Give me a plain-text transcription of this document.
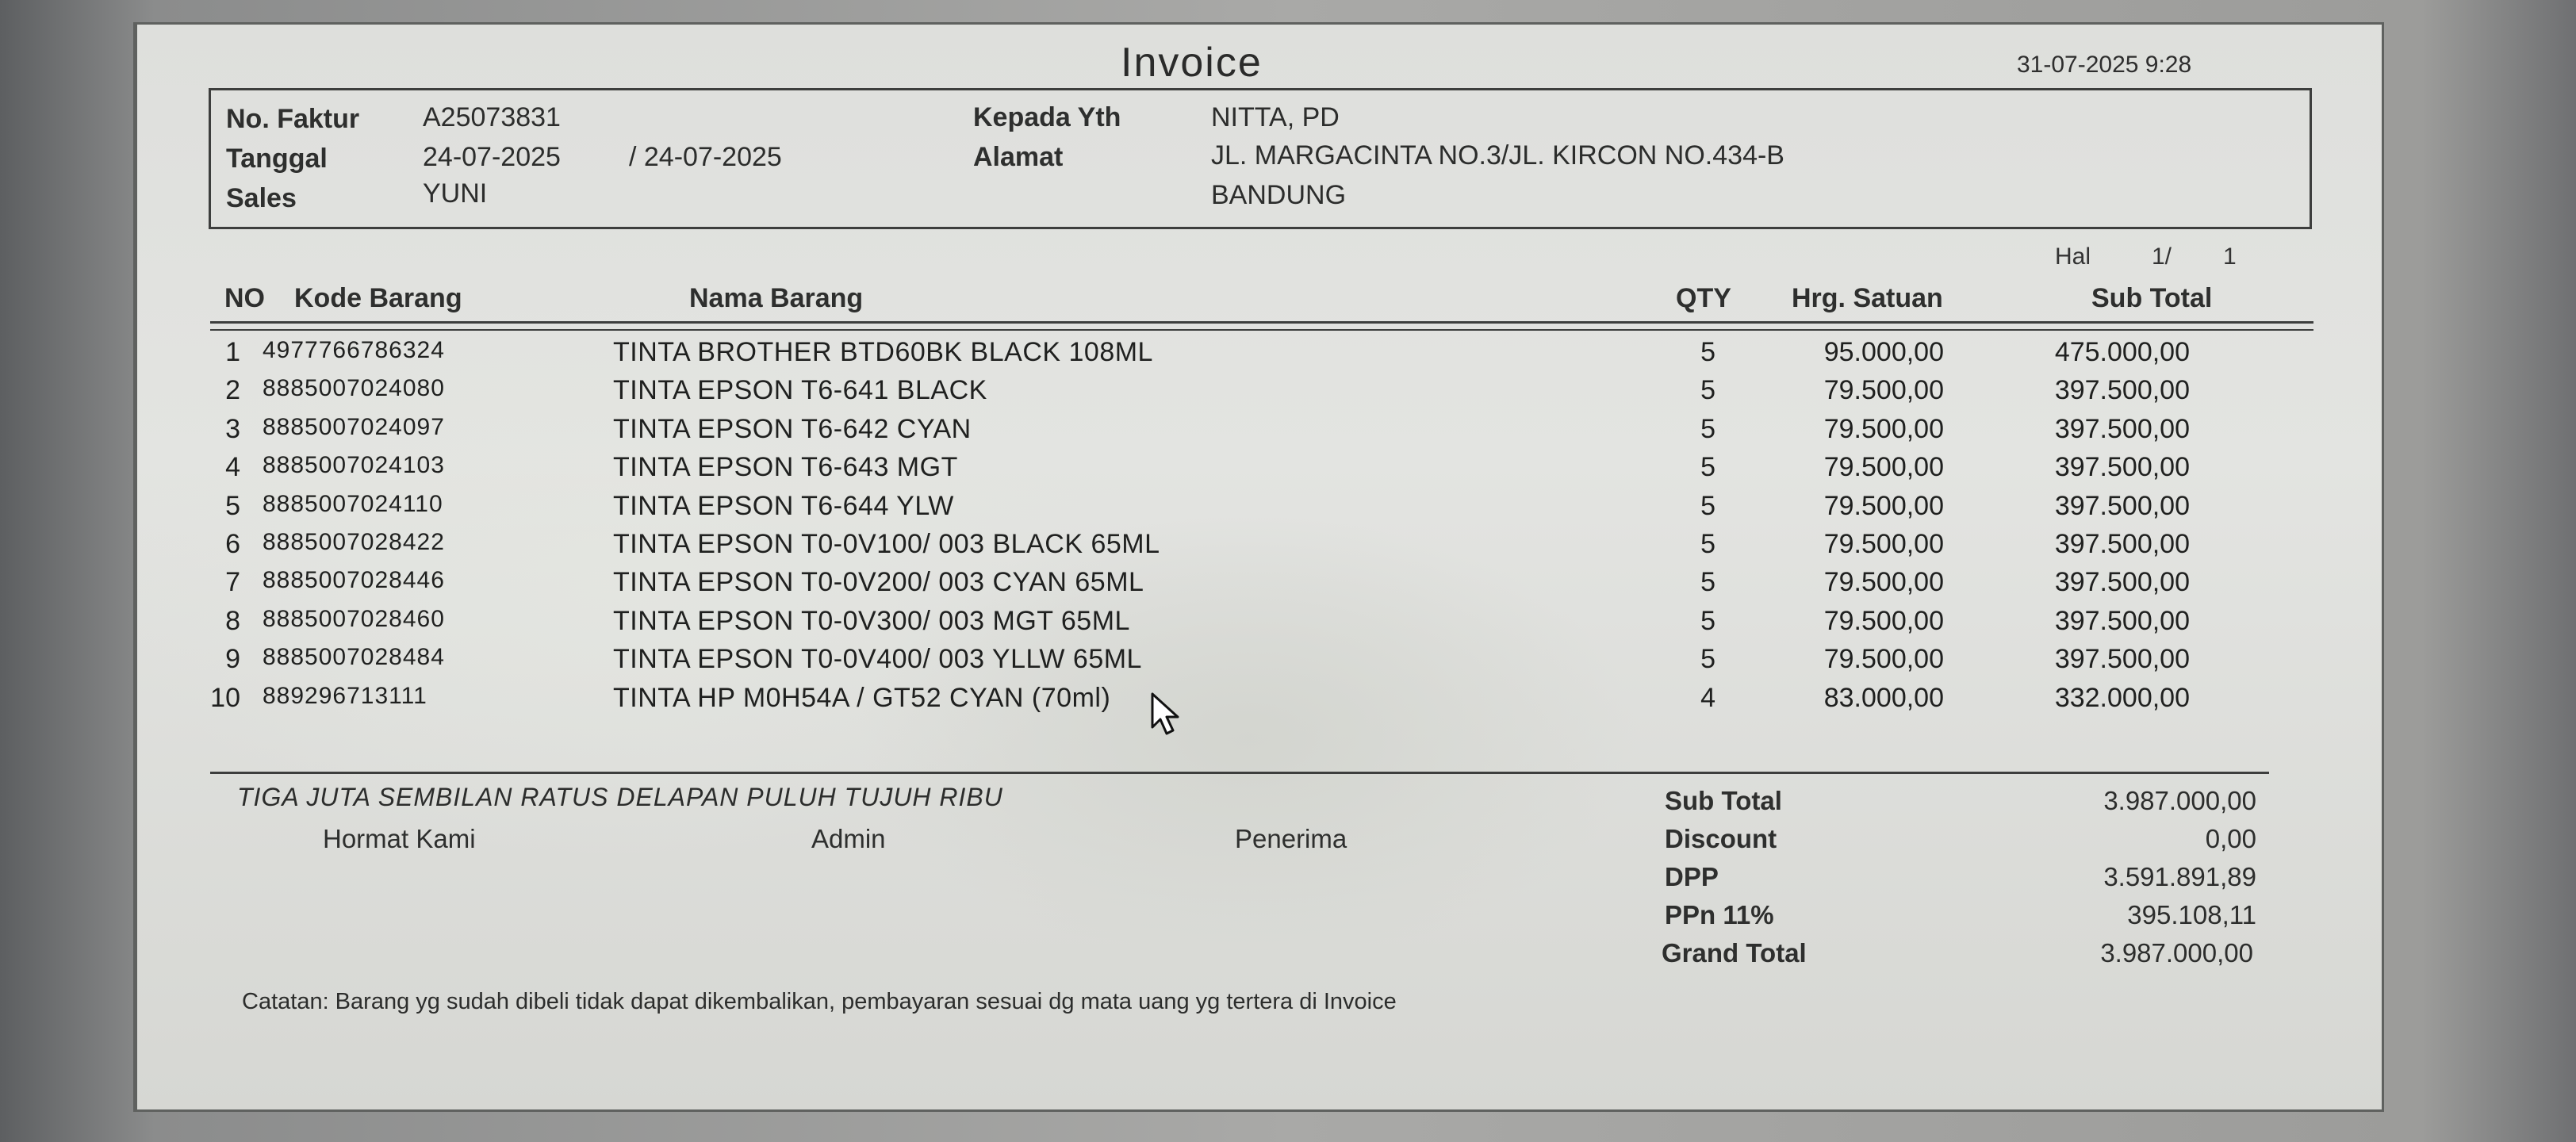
Invoice	31-07-2025 9:28
No. Faktur A25073831
Tanggal	24-07-2025	/ 24-07-2025
Sales	YUNI
Kepada Yth	NITTA, PD
Alamat	JL. MARGACINTA NO.3/JL. KIRCON NO.434-B
BANDUNG
Hal	1/ 1
NO Kode Barang	Nama Barang	QTY Hrg. Satuan	Sub Total
1 4977766786324	TINTA BROTHER BTD60BK BLACK 108ML	5	95.000,00	475.000,00
2 8885007024080	TINTA EPSON T6-641 BLACK	5	79.500,00	397.500,00
3 8885007024097	TINTA EPSON T6-642 CYAN	5	79.500,00	397.500,00
4 8885007024103	TINTA EPSON T6-643 MGT	5	79.500,00	397.500,00
5 8885007024110	TINTA EPSON T6-644 YLW	5	79.500,00	397.500,00
6 8885007028422	TINTA EPSON T0-0V100/ 003 BLACK 65ML	5	79.500,00	397.500,00
7 8885007028446	TINTA EPSON T0-0V200/ 003 CYAN 65ML	5	79.500,00	397.500,00
8 8885007028460	TINTA EPSON T0-0V300/ 003 MGT 65ML	5	79.500,00	397.500,00
9 8885007028484	TINTA EPSON T0-0V400/ 003 YLLW 65ML	5	79.500,00	397.500,00
10 889296713111	TINTA HP M0H54A / GT52 CYAN (70ml)	4	83.000,00	332.000,00
TIGA JUTA SEMBILAN RATUS DELAPAN PULUH TUJUH RIBU
Hormat Kami	Admin	Penerima
Sub Total	3.987.000,00
Discount	0,00
DPP	3.591.891,89
PPn 11%	395.108,11
Grand Total	3.987.000,00
Catatan: Barang yg sudah dibeli tidak dapat dikembalikan, pembayaran sesuai dg mata uang yg tertera di Invoice
